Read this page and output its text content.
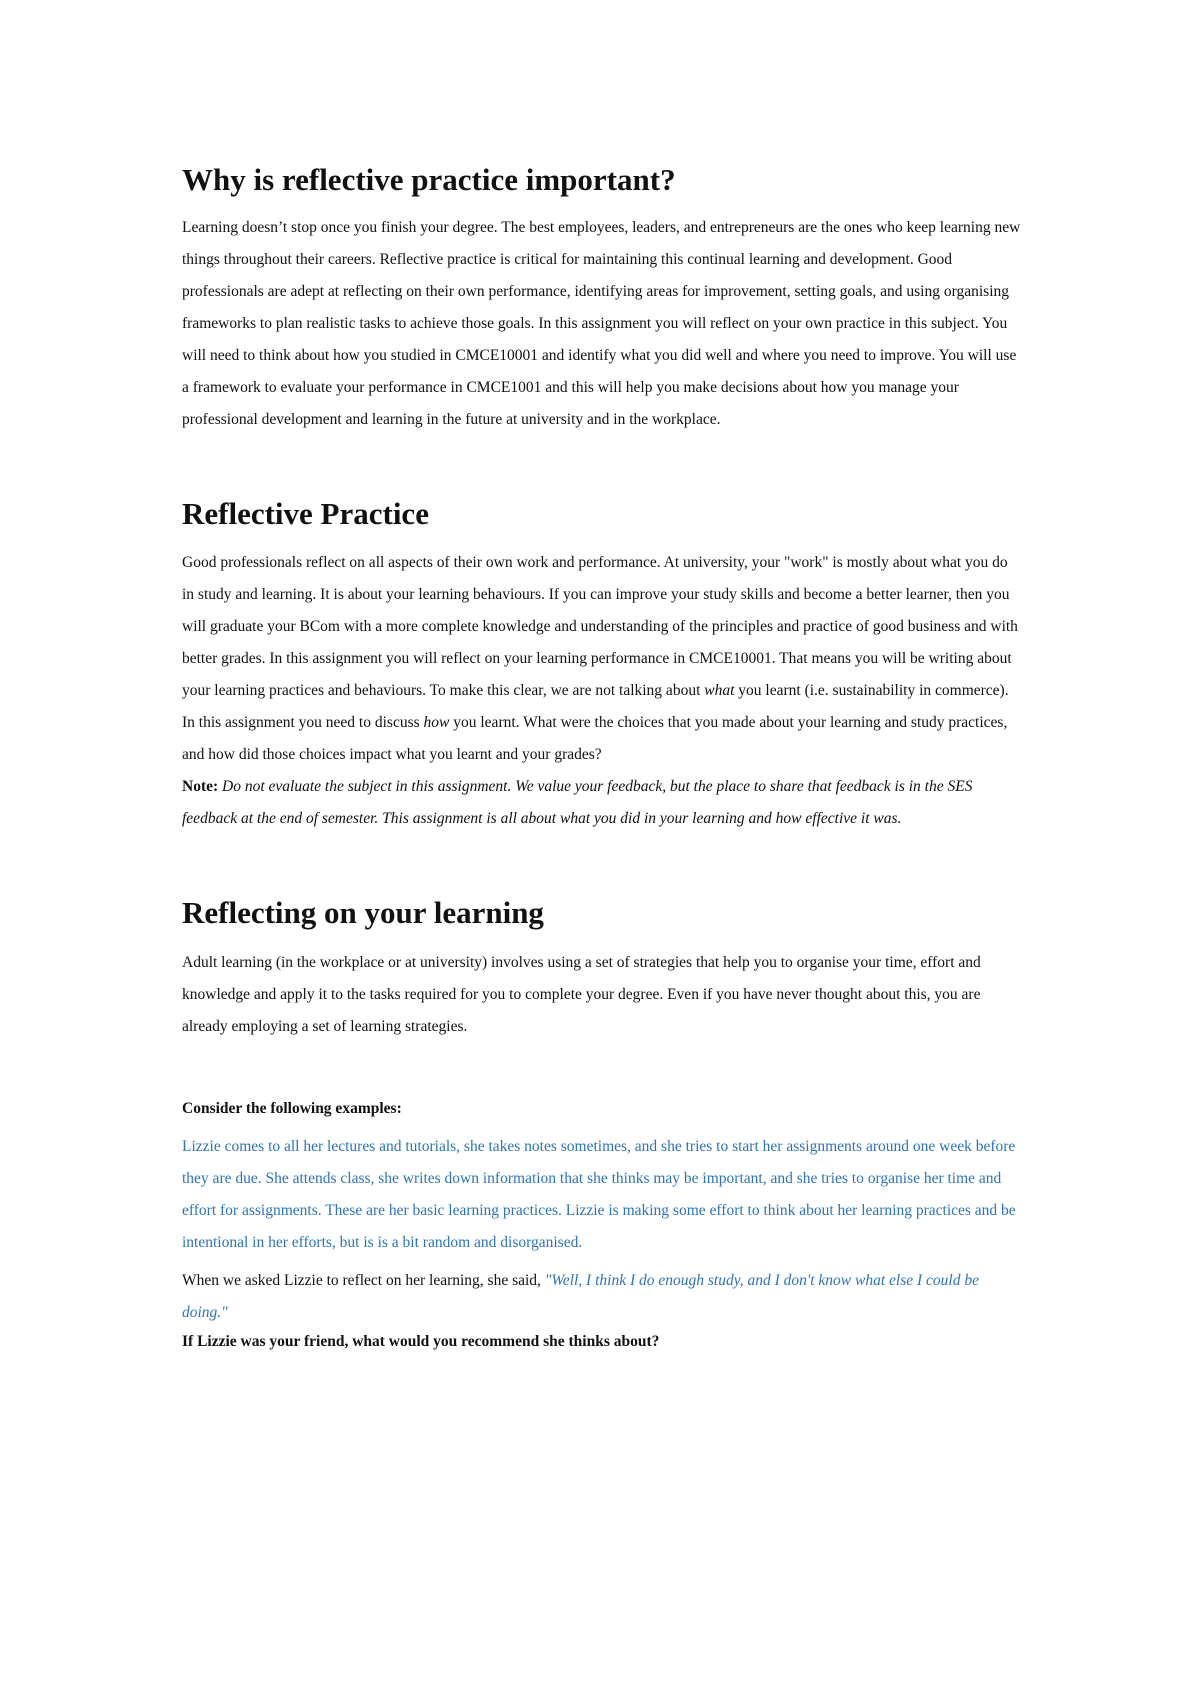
Why is reflective practice important?

Learning doesn’t stop once you finish your degree. The best employees, leaders, and entrepreneurs are the ones who keep learning new things throughout their careers. Reflective practice is critical for maintaining this continual learning and development. Good professionals are adept at reflecting on their own performance, identifying areas for improvement, setting goals, and using organising frameworks to plan realistic tasks to achieve those goals. In this assignment you will reflect on your own practice in this subject. You will need to think about how you studied in CMCE10001 and identify what you did well and where you need to improve. You will use a framework to evaluate your performance in CMCE1001 and this will help you make decisions about how you manage your professional development and learning in the future at university and in the workplace.

Reflective Practice

Good professionals reflect on all aspects of their own work and performance. At university, your "work" is mostly about what you do in study and learning. It is about your learning behaviours. If you can improve your study skills and become a better learner, then you will graduate your BCom with a more complete knowledge and understanding of the principles and practice of good business and with better grades. In this assignment you will reflect on your learning performance in CMCE10001. That means you will be writing about your learning practices and behaviours. To make this clear, we are not talking about what you learnt (i.e. sustainability in commerce). In this assignment you need to discuss how you learnt. What were the choices that you made about your learning and study practices, and how did those choices impact what you learnt and your grades?

Note: Do not evaluate the subject in this assignment. We value your feedback, but the place to share that feedback is in the SES feedback at the end of semester. This assignment is all about what you did in your learning and how effective it was.

Reflecting on your learning

Adult learning (in the workplace or at university) involves using a set of strategies that help you to organise your time, effort and knowledge and apply it to the tasks required for you to complete your degree. Even if you have never thought about this, you are already employing a set of learning strategies.

Consider the following examples:

Lizzie comes to all her lectures and tutorials, she takes notes sometimes, and she tries to start her assignments around one week before they are due. She attends class, she writes down information that she thinks may be important, and she tries to organise her time and effort for assignments. These are her basic learning practices. Lizzie is making some effort to think about her learning practices and be intentional in her efforts, but is is a bit random and disorganised.

When we asked Lizzie to reflect on her learning, she said, "Well, I think I do enough study, and I don't know what else I could be doing."

If Lizzie was your friend, what would you recommend she thinks about?
